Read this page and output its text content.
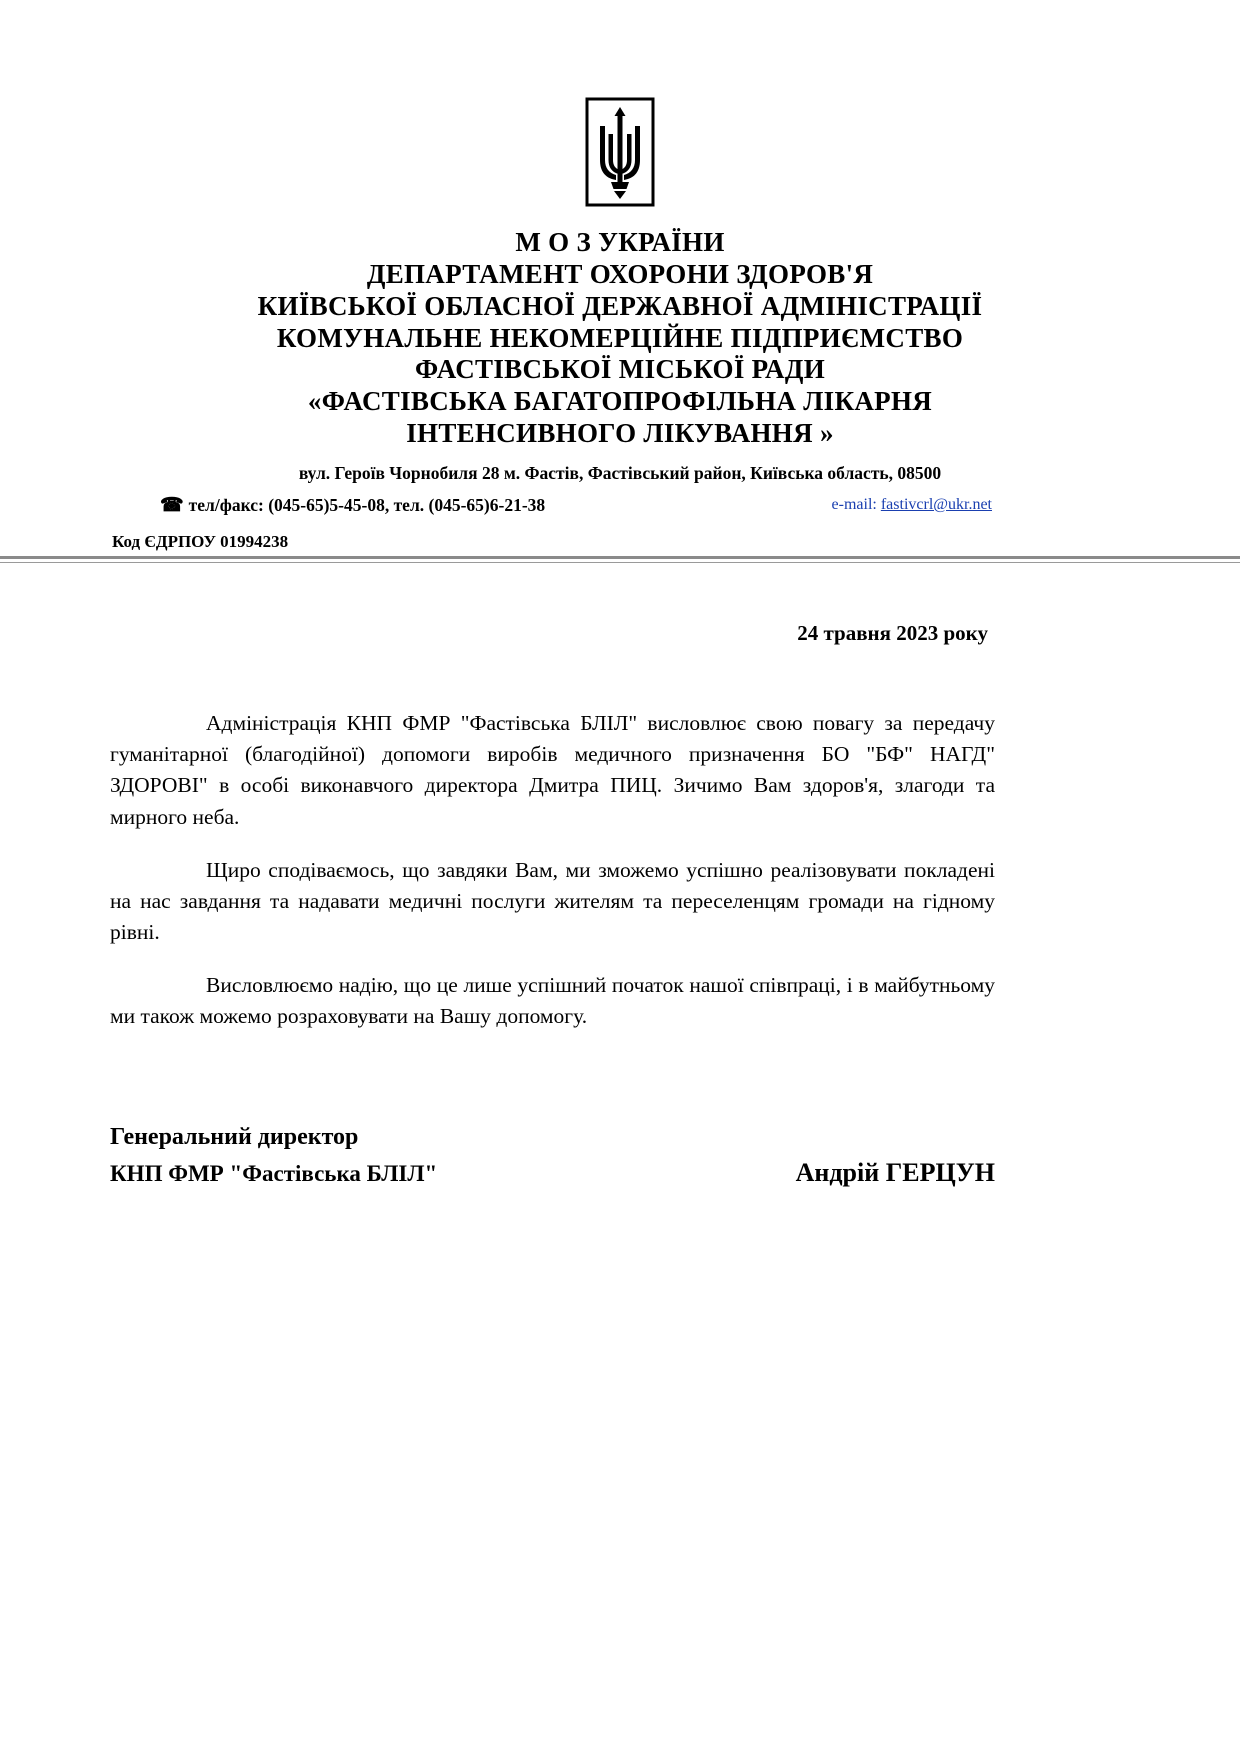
М О З УКРАЇНИ
ДЕПАРТАМЕНТ ОХОРОНИ ЗДОРОВ'Я
КИЇВСЬКОЇ ОБЛАСНОЇ ДЕРЖАВНОЇ АДМІНІСТРАЦІЇ
КОМУНАЛЬНЕ НЕКОМЕРЦІЙНЕ ПІДПРИЄМСТВО
ФАСТІВСЬКОЇ МІСЬКОЇ РАДИ
«ФАСТІВСЬКА БАГАТОПРОФІЛЬНА ЛІКАРНЯ
ІНТЕНСИВНОГО ЛІКУВАННЯ »
вул. Героїв Чорнобиля 28 м. Фастів, Фастівський район, Київська область, 08500
☎ тел/факс: (045-65)5-45-08, тел. (045-65)6-21-38	e-mail: fastivcrl@ukr.net
Код ЄДРПОУ 01994238
24 травня 2023 року

Адміністрація КНП ФМР "Фастівська БЛІЛ" висловлює свою повагу за передачу гуманітарної (благодійної) допомоги виробів медичного призначення БО "БФ" НАГД" ЗДОРОВІ" в особі виконавчого директора Дмитра ПИЦ. Зичимо Вам здоров'я, злагоди та мирного неба.

Щиро сподіваємось, що завдяки Вам, ми зможемо успішно реалізовувати покладені на нас завдання та надавати медичні послуги жителям та переселенцям громади на гідному рівні.

Висловлюємо надію, що це лише успішний початок нашої співпраці, і в майбутньому ми також можемо розраховувати на Вашу допомогу.

Генеральний директор
КНП ФМР "Фастівська БЛІЛ"	Андрій ГЕРЦУН
